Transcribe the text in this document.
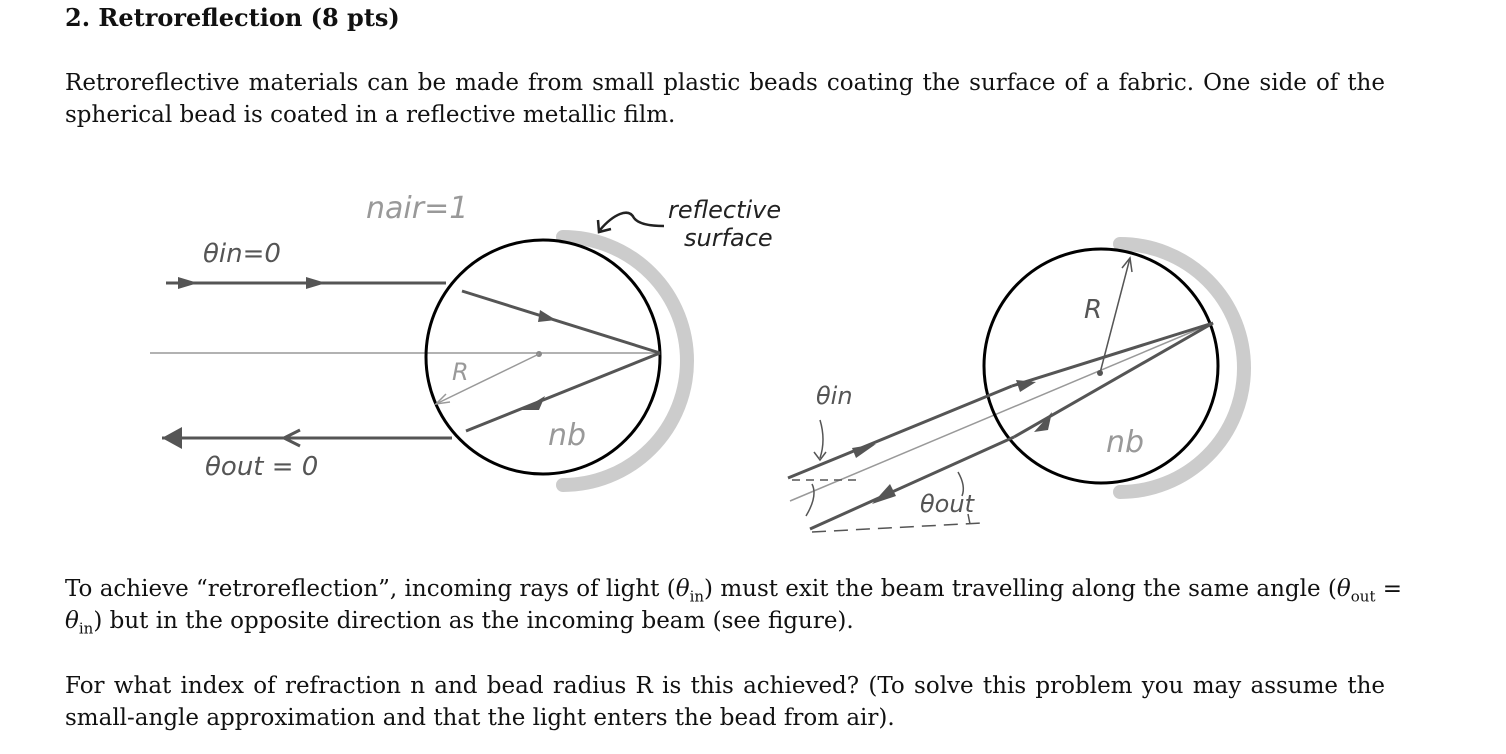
2. Retroreflection (8 pts)
Retroreflective materials can be made from small plastic beads coating the surface of a fabric. One side of the
spherical bead is coated in a reflective metallic film.
nair=1	reflective
surface
θin=0
θout = 0
R
nb
R
θin
θout
nb
To achieve “retroreflection”, incoming rays of light $(\theta_{in})$ must exit the beam travelling along the same angle ($\theta_{out}$ =
$\theta_{in}$) but in the opposite direction as the incoming beam (see figure).
For what index of refraction n and bead radius R is this achieved? (To solve this problem you may assume the
small-angle approximation and that the light enters the bead from air).
